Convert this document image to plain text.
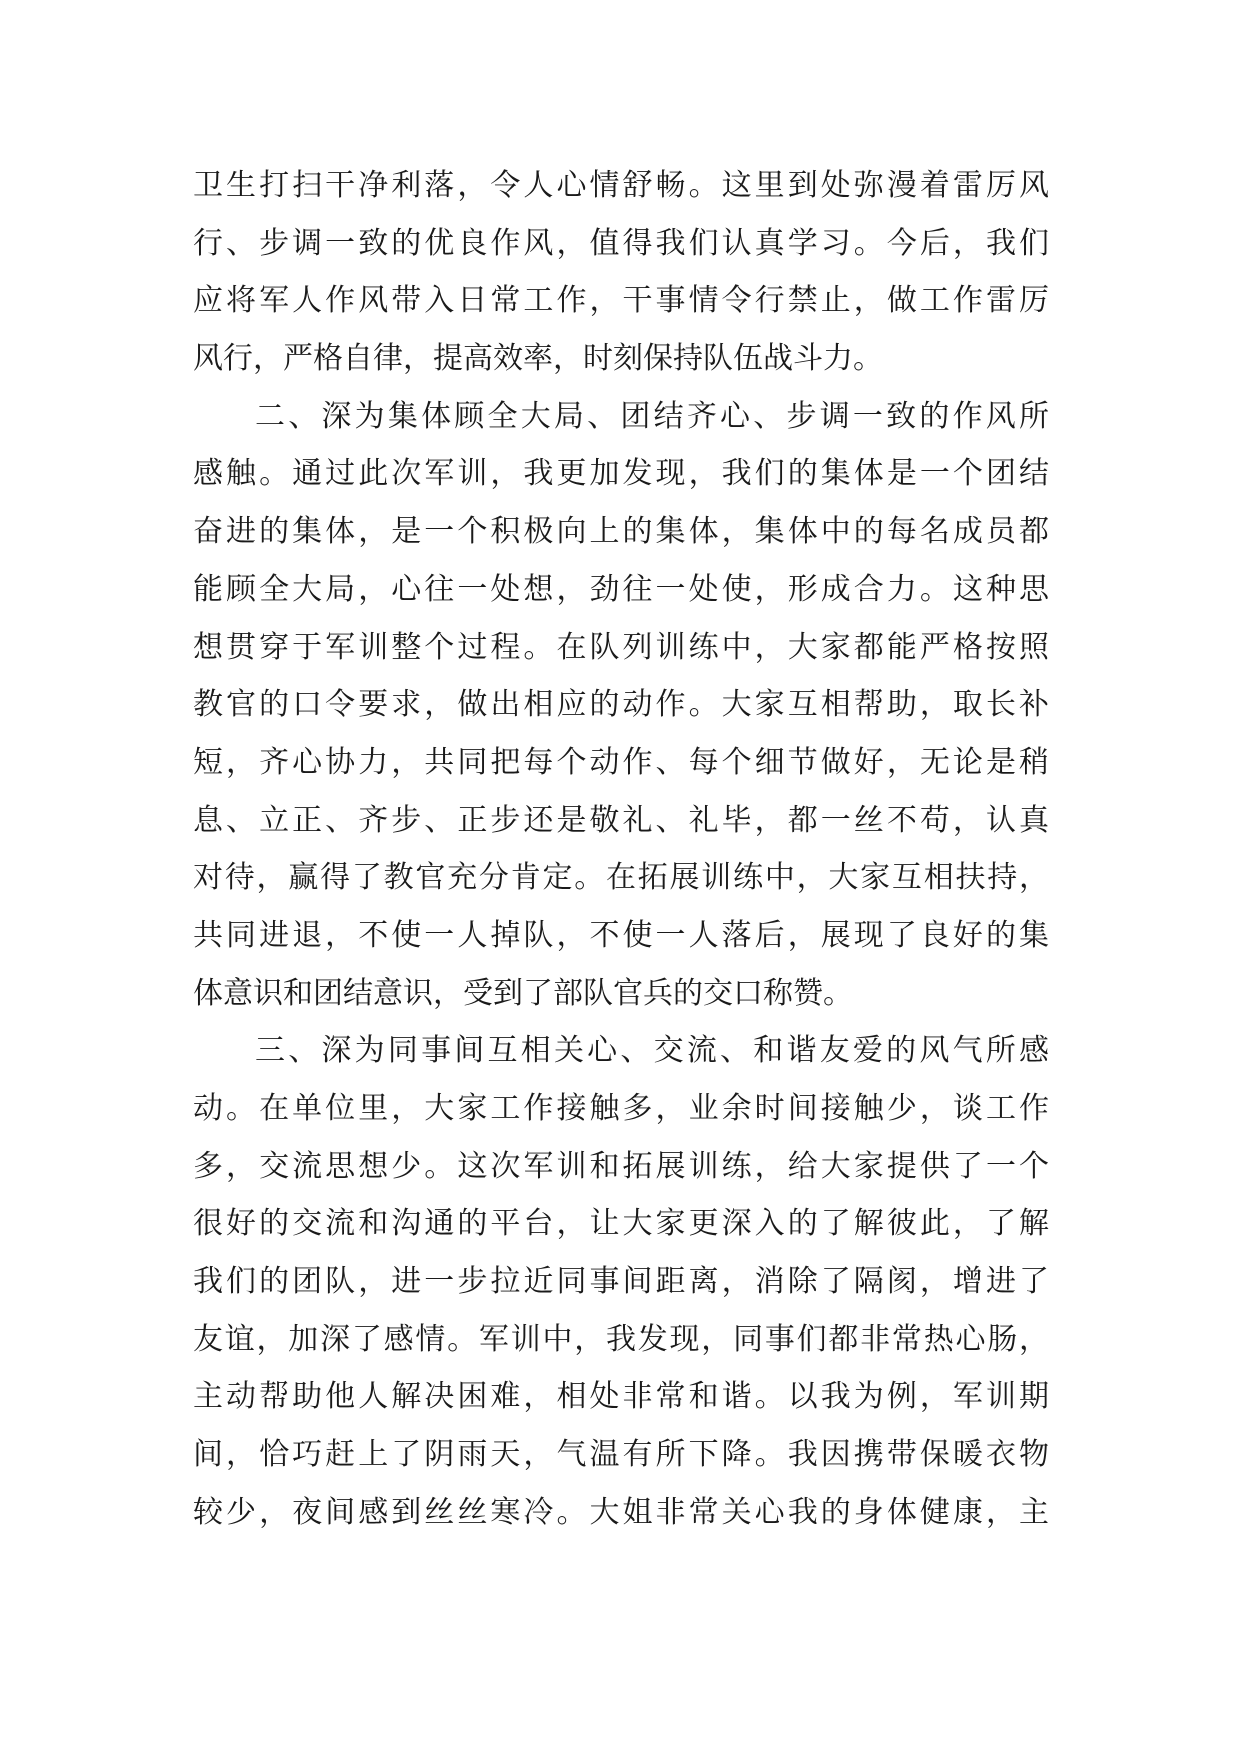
卫生打扫干净利落，令人心情舒畅。这里到处弥漫着雷厉风
行、步调一致的优良作风，值得我们认真学习。今后，我们
应将军人作风带入日常工作，干事情令行禁止，做工作雷厉
风行，严格自律，提高效率，时刻保持队伍战斗力。
二、深为集体顾全大局、团结齐心、步调一致的作风所
感触。通过此次军训，我更加发现，我们的集体是一个团结
奋进的集体，是一个积极向上的集体，集体中的每名成员都
能顾全大局，心往一处想，劲往一处使，形成合力。这种思
想贯穿于军训整个过程。在队列训练中，大家都能严格按照
教官的口令要求，做出相应的动作。大家互相帮助，取长补
短，齐心协力，共同把每个动作、每个细节做好，无论是稍
息、立正、齐步、正步还是敬礼、礼毕，都一丝不苟，认真
对待，赢得了教官充分肯定。在拓展训练中，大家互相扶持，
共同进退，不使一人掉队，不使一人落后，展现了良好的集
体意识和团结意识，受到了部队官兵的交口称赞。
三、深为同事间互相关心、交流、和谐友爱的风气所感
动。在单位里，大家工作接触多，业余时间接触少，谈工作
多，交流思想少。这次军训和拓展训练，给大家提供了一个
很好的交流和沟通的平台，让大家更深入的了解彼此，了解
我们的团队，进一步拉近同事间距离，消除了隔阂，增进了
友谊，加深了感情。军训中，我发现，同事们都非常热心肠，
主动帮助他人解决困难，相处非常和谐。以我为例，军训期
间，恰巧赶上了阴雨天，气温有所下降。我因携带保暖衣物
较少，夜间感到丝丝寒冷。大姐非常关心我的身体健康，主
